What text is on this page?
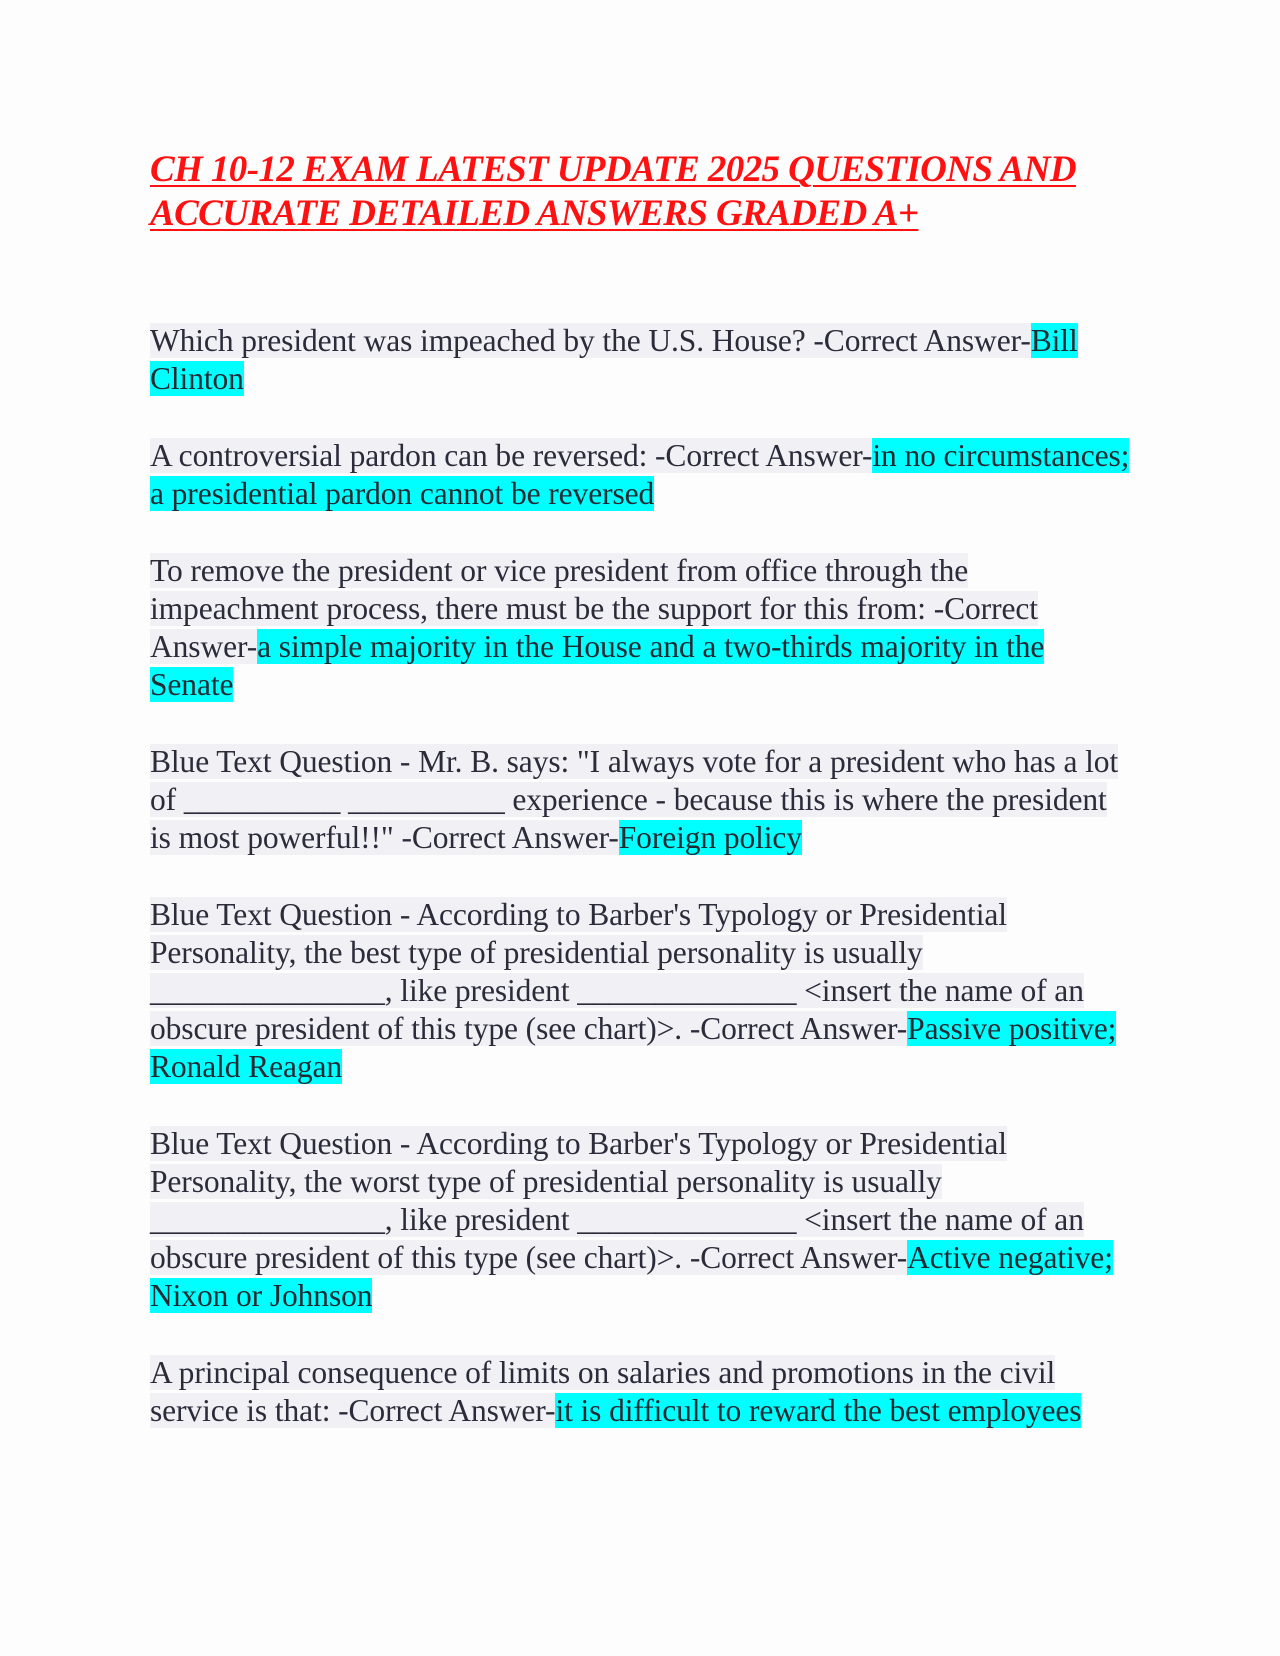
CH 10-12 EXAM LATEST UPDATE 2025 QUESTIONS AND ACCURATE DETAILED ANSWERS GRADED A+

Which president was impeached by the U.S. House? -Correct Answer-Bill Clinton

A controversial pardon can be reversed: -Correct Answer-in no circumstances; a presidential pardon cannot be reversed

To remove the president or vice president from office through the impeachment process, there must be the support for this from: -Correct Answer-a simple majority in the House and a two-thirds majority in the Senate

Blue Text Question - Mr. B. says: "I always vote for a president who has a lot of __________ __________ experience - because this is where the president is most powerful!!" -Correct Answer-Foreign policy

Blue Text Question - According to Barber's Typology or Presidential Personality, the best type of presidential personality is usually _______________, like president ______________ <insert the name of an obscure president of this type (see chart)>. -Correct Answer-Passive positive; Ronald Reagan

Blue Text Question - According to Barber's Typology or Presidential Personality, the worst type of presidential personality is usually _______________, like president ______________ <insert the name of an obscure president of this type (see chart)>. -Correct Answer-Active negative; Nixon or Johnson

A principal consequence of limits on salaries and promotions in the civil service is that: -Correct Answer-it is difficult to reward the best employees
